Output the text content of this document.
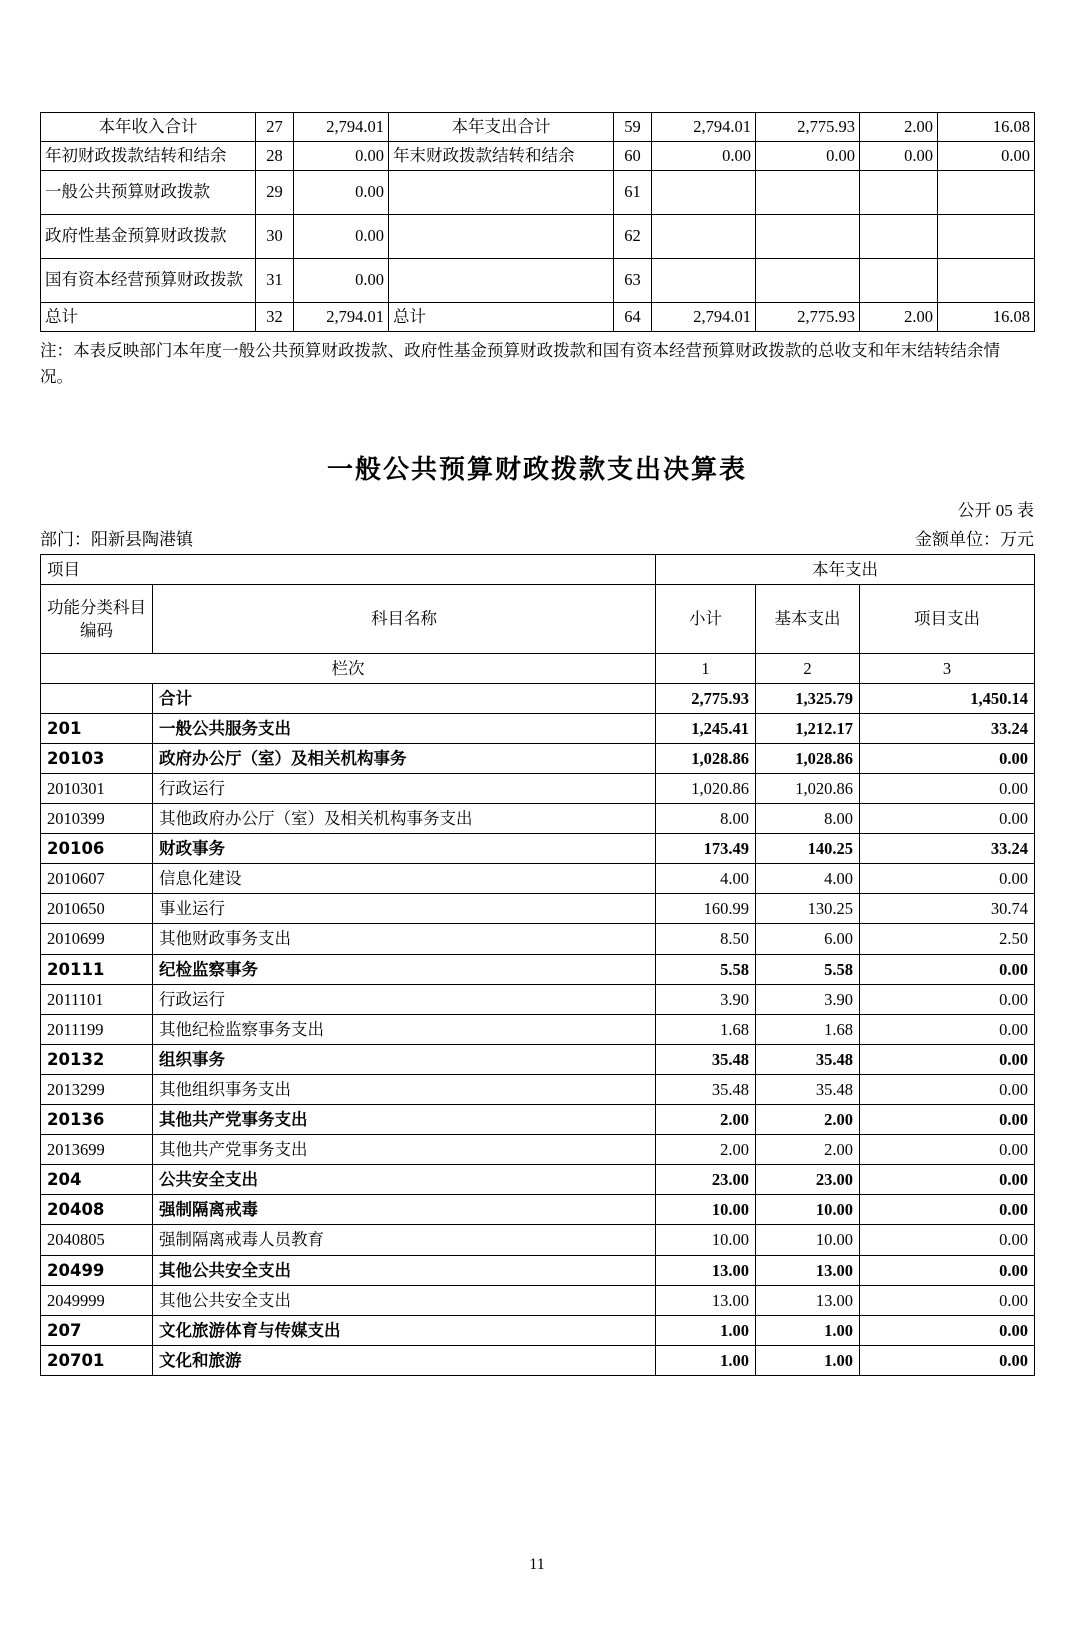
本年收入合计	27	2,794.01	本年支出合计	59	2,794.01	2,775.93	2.00	16.08
年初财政拨款结转和结余	28	0.00	年末财政拨款结转和结余	60	0.00	0.00	0.00	0.00
一般公共预算财政拨款	29	0.00		61				
政府性基金预算财政拨款	30	0.00		62				
国有资本经营预算财政拨款	31	0.00		63				
总计	32	2,794.01	总计	64	2,794.01	2,775.93	2.00	16.08
注：本表反映部门本年度一般公共预算财政拨款、政府性基金预算财政拨款和国有资本经营预算财政拨款的总收支和年末结转结余情况。
一般公共预算财政拨款支出决算表
公开 05 表
部门：阳新县陶港镇	金额单位：万元
项目		本年支出		
功能分类科目编码	科目名称	小计	基本支出	项目支出
栏次		1	2	3
	合计	2,775.93	1,325.79	1,450.14
201	一般公共服务支出	1,245.41	1,212.17	33.24
20103	政府办公厅（室）及相关机构事务	1,028.86	1,028.86	0.00
2010301	行政运行	1,020.86	1,020.86	0.00
2010399	其他政府办公厅（室）及相关机构事务支出	8.00	8.00	0.00
20106	财政事务	173.49	140.25	33.24
2010607	信息化建设	4.00	4.00	0.00
2010650	事业运行	160.99	130.25	30.74
2010699	其他财政事务支出	8.50	6.00	2.50
20111	纪检监察事务	5.58	5.58	0.00
2011101	行政运行	3.90	3.90	0.00
2011199	其他纪检监察事务支出	1.68	1.68	0.00
20132	组织事务	35.48	35.48	0.00
2013299	其他组织事务支出	35.48	35.48	0.00
20136	其他共产党事务支出	2.00	2.00	0.00
2013699	其他共产党事务支出	2.00	2.00	0.00
204	公共安全支出	23.00	23.00	0.00
20408	强制隔离戒毒	10.00	10.00	0.00
2040805	强制隔离戒毒人员教育	10.00	10.00	0.00
20499	其他公共安全支出	13.00	13.00	0.00
2049999	其他公共安全支出	13.00	13.00	0.00
207	文化旅游体育与传媒支出	1.00	1.00	0.00
20701	文化和旅游	1.00	1.00	0.00
11
